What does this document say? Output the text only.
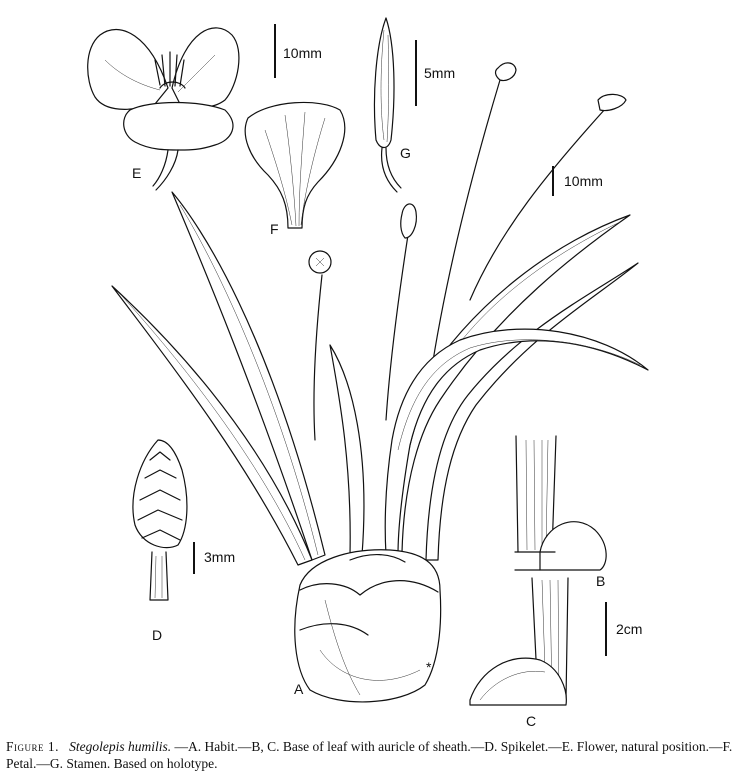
E
10mm
F
5mm
G
10mm
A
*
3mm
D
B
2cm
C
Figure 1. Stegolepis humilis. —A. Habit.—B, C. Base of leaf with auricle of sheath.—D. Spikelet.—E. Flower, natural position.—F. Petal.—G. Stamen. Based on holotype.
